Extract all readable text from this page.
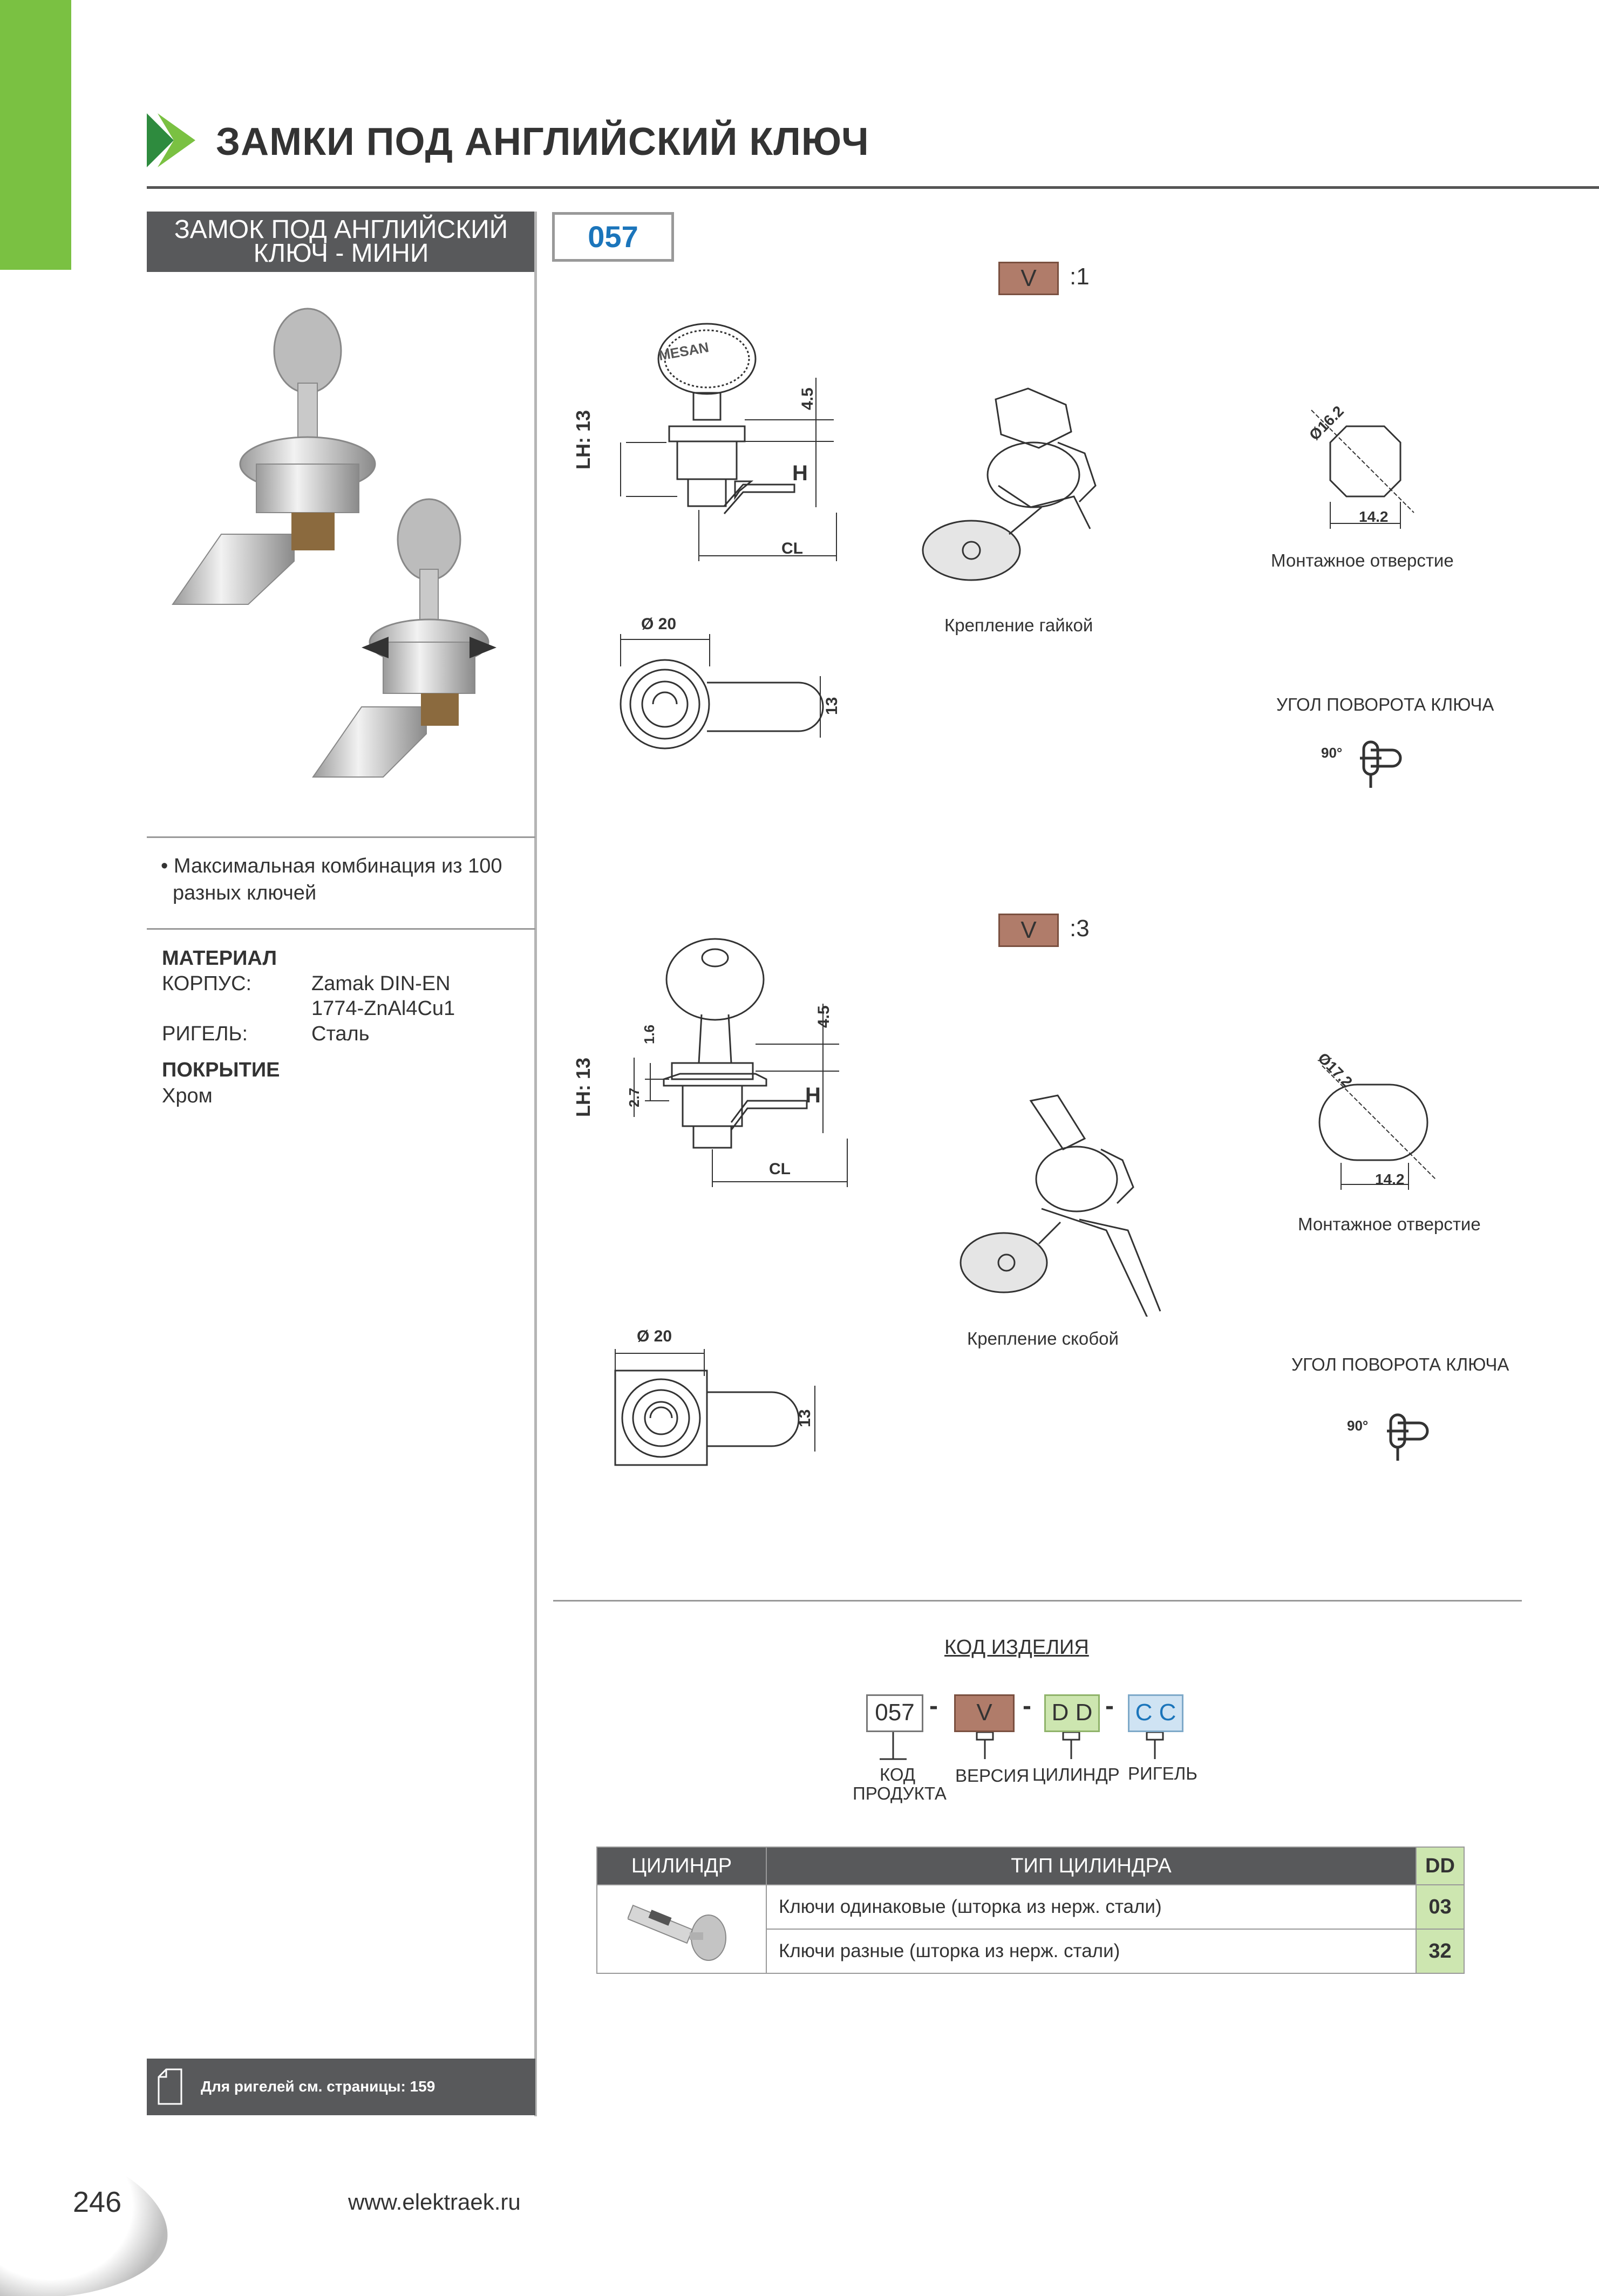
ЗАМКИ ПОД АНГЛИЙСКИЙ КЛЮЧ
ЗАМОК ПОД АНГЛИЙСКИЙ
КЛЮЧ - МИНИ
• Максимальная комбинация из 100
разных ключей
МАТЕРИАЛ
КОРПУС:	Zamak DIN-EN
1774-ZnAl4Cu1
РИГЕЛЬ:	Сталь
ПОКРЫТИЕ
Хром
Для ригелей см. страницы: 159
057
V	:1
MESAN
LH: 13
H
CL
4.5
Ø 20
13
Крепление гайкой
Ø16.2
14.2
Монтажное отверстие
УГОЛ ПОВОРОТА КЛЮЧА
90°
V	:3
LH: 13	H
CL
4.5
1.6
2.7
Ø 20
13
Крепление скобой
Ø17.2
14.2
Монтажное отверстие
УГОЛ ПОВОРОТА КЛЮЧА
90°
КОД ИЗДЕЛИЯ
057 -	V	- D D - C C
КОД
ПРОДУКТА
ВЕРСИЯ ЦИЛИНДР РИГЕЛЬ
ЦИЛИНДР	ТИП ЦИЛИНДРА	DD
	Ключи одинаковые (шторка из нерж. стали)	03
	Ключи разные (шторка из нерж. стали)	32
246	www.elektraek.ru
